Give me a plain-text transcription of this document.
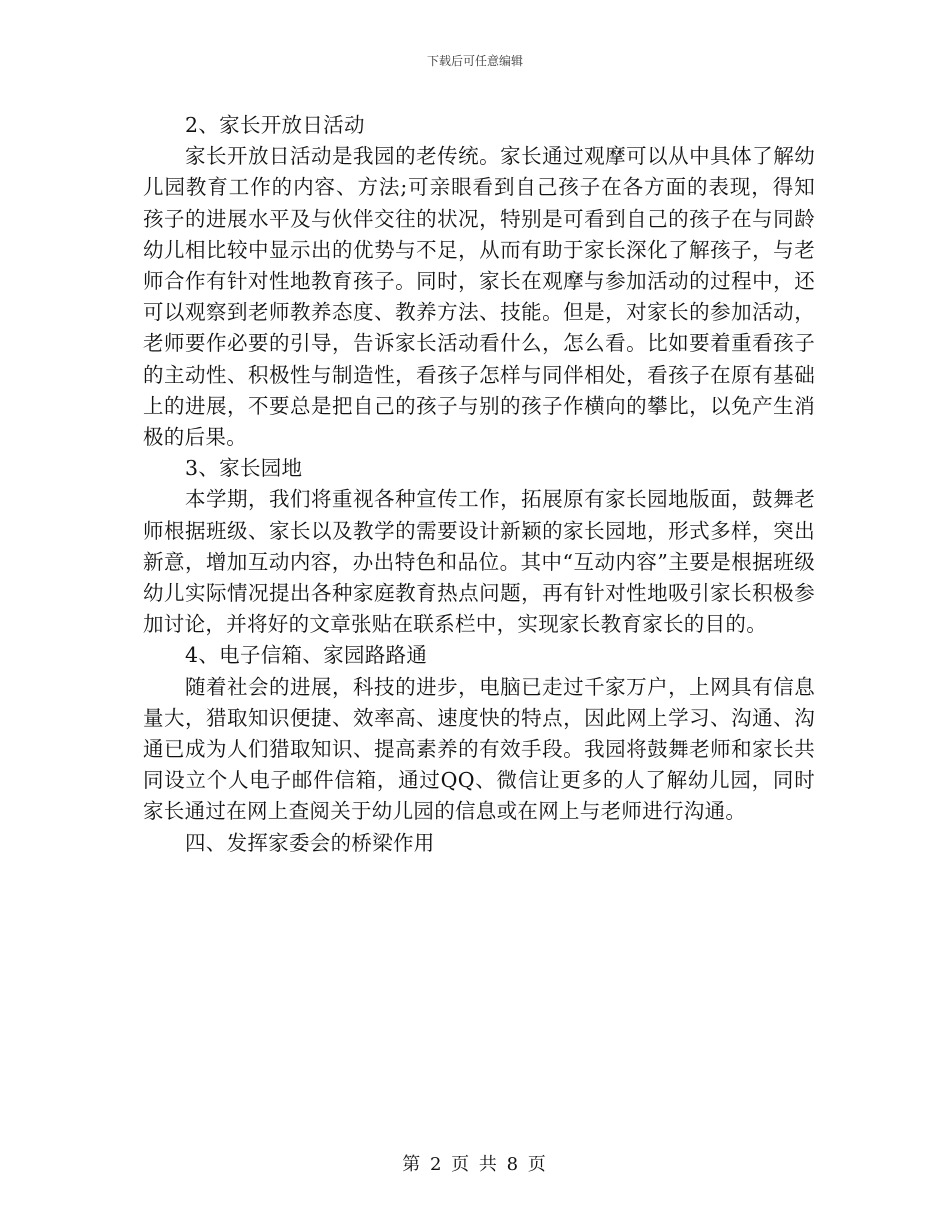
下载后可任意编辑

2、家长开放日活动

家长开放日活动是我园的老传统。家长通过观摩可以从中具体了解幼儿园教育工作的内容、方法;可亲眼看到自己孩子在各方面的表现，得知孩子的进展水平及与伙伴交往的状况，特别是可看到自己的孩子在与同龄幼儿相比较中显示出的优势与不足，从而有助于家长深化了解孩子，与老师合作有针对性地教育孩子。同时，家长在观摩与参加活动的过程中，还可以观察到老师教养态度、教养方法、技能。但是，对家长的参加活动，老师要作必要的引导，告诉家长活动看什么，怎么看。比如要着重看孩子的主动性、积极性与制造性，看孩子怎样与同伴相处，看孩子在原有基础上的进展，不要总是把自己的孩子与别的孩子作横向的攀比，以免产生消极的后果。

3、家长园地

本学期，我们将重视各种宣传工作，拓展原有家长园地版面，鼓舞老师根据班级、家长以及教学的需要设计新颖的家长园地，形式多样，突出新意，增加互动内容，办出特色和品位。其中“互动内容”主要是根据班级幼儿实际情况提出各种家庭教育热点问题，再有针对性地吸引家长积极参加讨论，并将好的文章张贴在联系栏中，实现家长教育家长的目的。

4、电子信箱、家园路路通

随着社会的进展，科技的进步，电脑已走过千家万户，上网具有信息量大，猎取知识便捷、效率高、速度快的特点，因此网上学习、沟通、沟通已成为人们猎取知识、提高素养的有效手段。我园将鼓舞老师和家长共同设立个人电子邮件信箱，通过QQ、微信让更多的人了解幼儿园，同时家长通过在网上查阅关于幼儿园的信息或在网上与老师进行沟通。

四、发挥家委会的桥梁作用

第 2 页 共 8 页
